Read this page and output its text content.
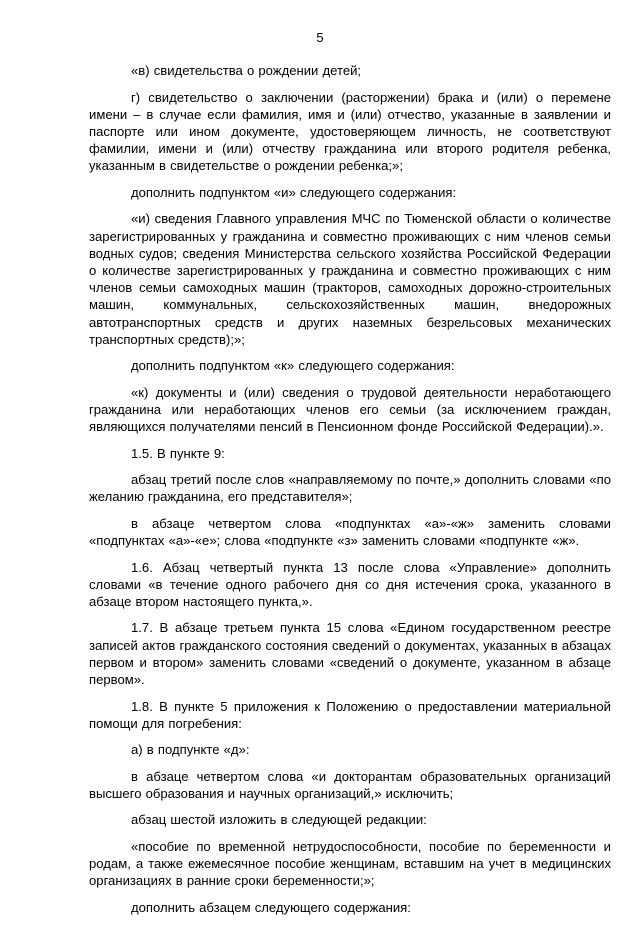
5

«в) свидетельства о рождении детей;

г) свидетельство о заключении (расторжении) брака и (или) о перемене имени – в случае если фамилия, имя и (или) отчество, указанные в заявлении и паспорте или ином документе, удостоверяющем личность, не соответствуют фамилии, имени и (или) отчеству гражданина или второго родителя ребенка, указанным в свидетельстве о рождении ребенка;»;

дополнить подпунктом «и» следующего содержания:

«и) сведения Главного управления МЧС по Тюменской области о количестве зарегистрированных у гражданина и совместно проживающих с ним членов семьи водных судов; сведения Министерства сельского хозяйства Российской Федерации о количестве зарегистрированных у гражданина и совместно проживающих с ним членов семьи самоходных машин (тракторов, самоходных дорожно-строительных машин, коммунальных, сельскохозяйственных машин, внедорожных автотранспортных средств и других наземных безрельсовых механических транспортных средств);»;

дополнить подпунктом «к» следующего содержания:

«к) документы и (или) сведения о трудовой деятельности неработающего гражданина или неработающих членов его семьи (за исключением граждан, являющихся получателями пенсий в Пенсионном фонде Российской Федерации).».

1.5. В пункте 9:

абзац третий после слов «направляемому по почте,» дополнить словами «по желанию гражданина, его представителя»;

в абзаце четвертом слова «подпунктах «а»-«ж» заменить словами «подпунктах «а»-«е»; слова «подпункте «з» заменить словами «подпункте «ж».

1.6. Абзац четвертый пункта 13 после слова «Управление» дополнить словами «в течение одного рабочего дня со дня истечения срока, указанного в абзаце втором настоящего пункта,».

1.7. В абзаце третьем пункта 15 слова «Едином государственном реестре записей актов гражданского состояния сведений о документах, указанных в абзацах первом и втором» заменить словами «сведений о документе, указанном в абзаце первом».

1.8. В пункте 5 приложения к Положению о предоставлении материальной помощи для погребения:

а) в подпункте «д»:

в абзаце четвертом слова «и докторантам образовательных организаций высшего образования и научных организаций,» исключить;

абзац шестой изложить в следующей редакции:

«пособие по временной нетрудоспособности, пособие по беременности и родам, а также ежемесячное пособие женщинам, вставшим на учет в медицинских организациях в ранние сроки беременности;»;

дополнить абзацем следующего содержания:
